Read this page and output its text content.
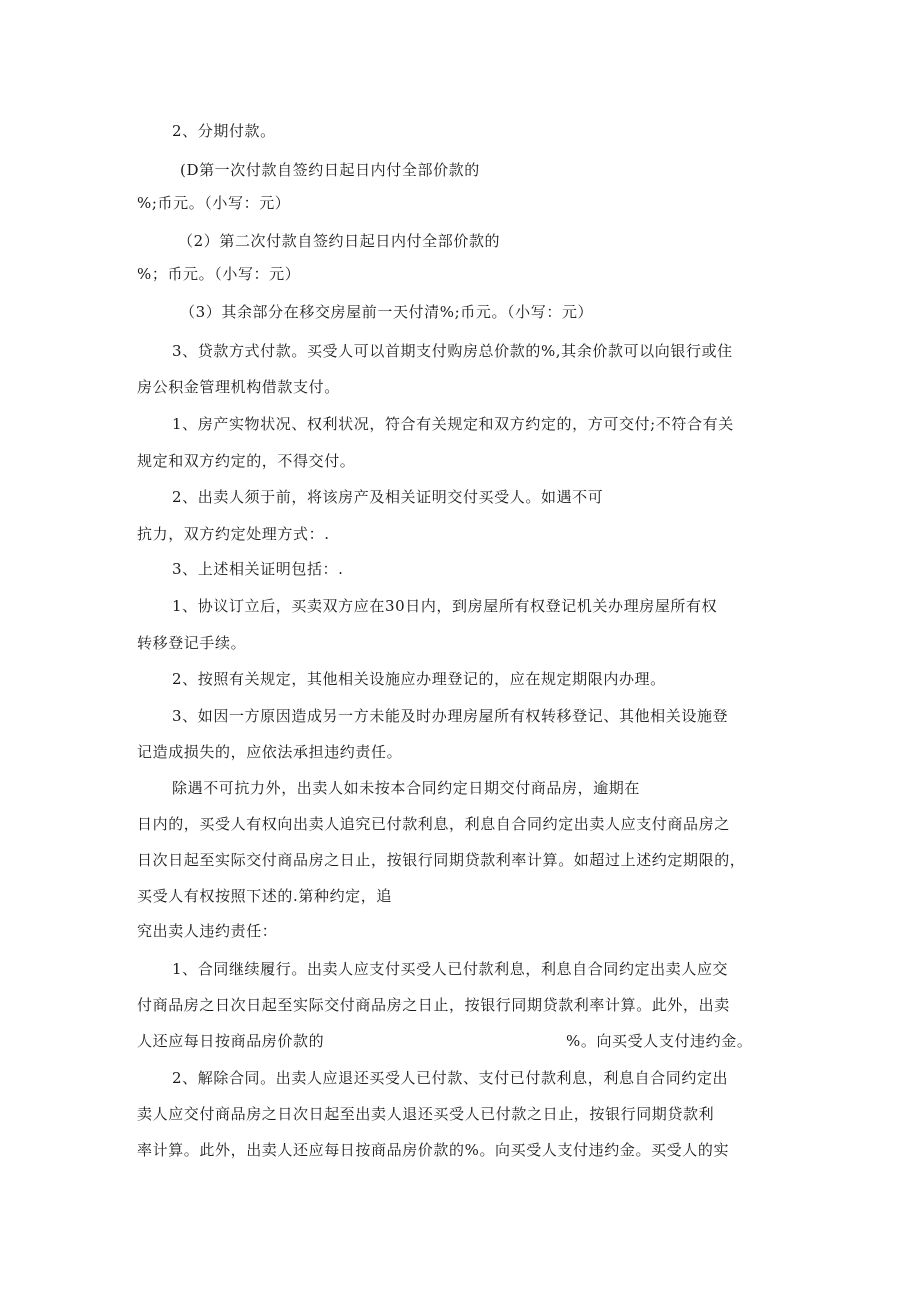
2、分期付款。

(D第一次付款自签约日起日内付全部价款的

%;币元。（小写：元）

（2）第二次付款自签约日起日内付全部价款的

%；币元。（小写：元）

（3）其余部分在移交房屋前一天付清%;币元。（小写：元）

3、贷款方式付款。买受人可以首期支付购房总价款的%,其余价款可以向银行或住

房公积金管理机构借款支付。

1、房产实物状况、权利状况，符合有关规定和双方约定的，方可交付;不符合有关

规定和双方约定的，不得交付。

2、出卖人须于前，将该房产及相关证明交付买受人。如遇不可

抗力，双方约定处理方式：.

3、上述相关证明包括：.

1、协议订立后，买卖双方应在30日内，到房屋所有权登记机关办理房屋所有权

转移登记手续。

2、按照有关规定，其他相关设施应办理登记的，应在规定期限内办理。

3、如因一方原因造成另一方未能及时办理房屋所有权转移登记、其他相关设施登

记造成损失的，应依法承担违约责任。

除遇不可抗力外，出卖人如未按本合同约定日期交付商品房，逾期在

日内的，买受人有权向出卖人追究已付款利息，利息自合同约定出卖人应支付商品房之

日次日起至实际交付商品房之日止，按银行同期贷款利率计算。如超过上述约定期限的，

买受人有权按照下述的.第种约定，追

究出卖人违约责任：

1、合同继续履行。出卖人应支付买受人已付款利息，利息自合同约定出卖人应交

付商品房之日次日起至实际交付商品房之日止，按银行同期贷款利率计算。此外，出卖

人还应每日按商品房价款的	%。向买受人支付违约金。

2、解除合同。出卖人应退还买受人已付款、支付已付款利息，利息自合同约定出

卖人应交付商品房之日次日起至出卖人退还买受人已付款之日止，按银行同期贷款利

率计算。此外，出卖人还应每日按商品房价款的%。向买受人支付违约金。买受人的实
